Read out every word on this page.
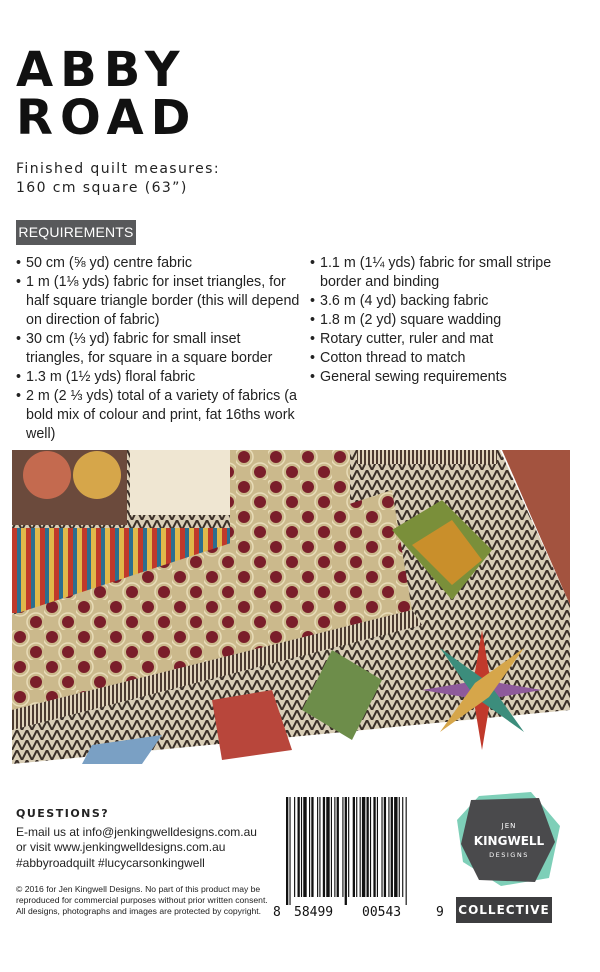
ABBY
ROAD
Finished quilt measures:
160 cm square (63”)
REQUIREMENTS
• 50 cm (⅝ yd) centre fabric
• 1 m (1⅛ yds) fabric for inset triangles, for half square triangle border (this will depend on direction of fabric)
• 30 cm (⅓ yd) fabric for small inset triangles, for square in a square border
• 1.3 m (1½ yds) floral fabric
• 2 m (2 ⅓ yds) total of a variety of fabrics (a bold mix of colour and print, fat 16ths work well)
• 1.1 m (1¼ yds) fabric for small stripe border and binding
• 3.6 m (4 yd) backing fabric
• 1.8 m (2 yd) square wadding
• Rotary cutter, ruler and mat
• Cotton thread to match
• General sewing requirements
QUESTIONS?
E-mail us at info@jenkingwelldesigns.com.au
or visit www.jenkingwelldesigns.com.au
#abbyroadquilt #lucycarsonkingwell
© 2016 for Jen Kingwell Designs. No part of this product may be
reproduced for commercial purposes without prior written consent.
All designs, photographs and images are protected by copyright. 8 58499 00543	9
JEN
KINGWELL
DESIGNS
COLLECTIVE
